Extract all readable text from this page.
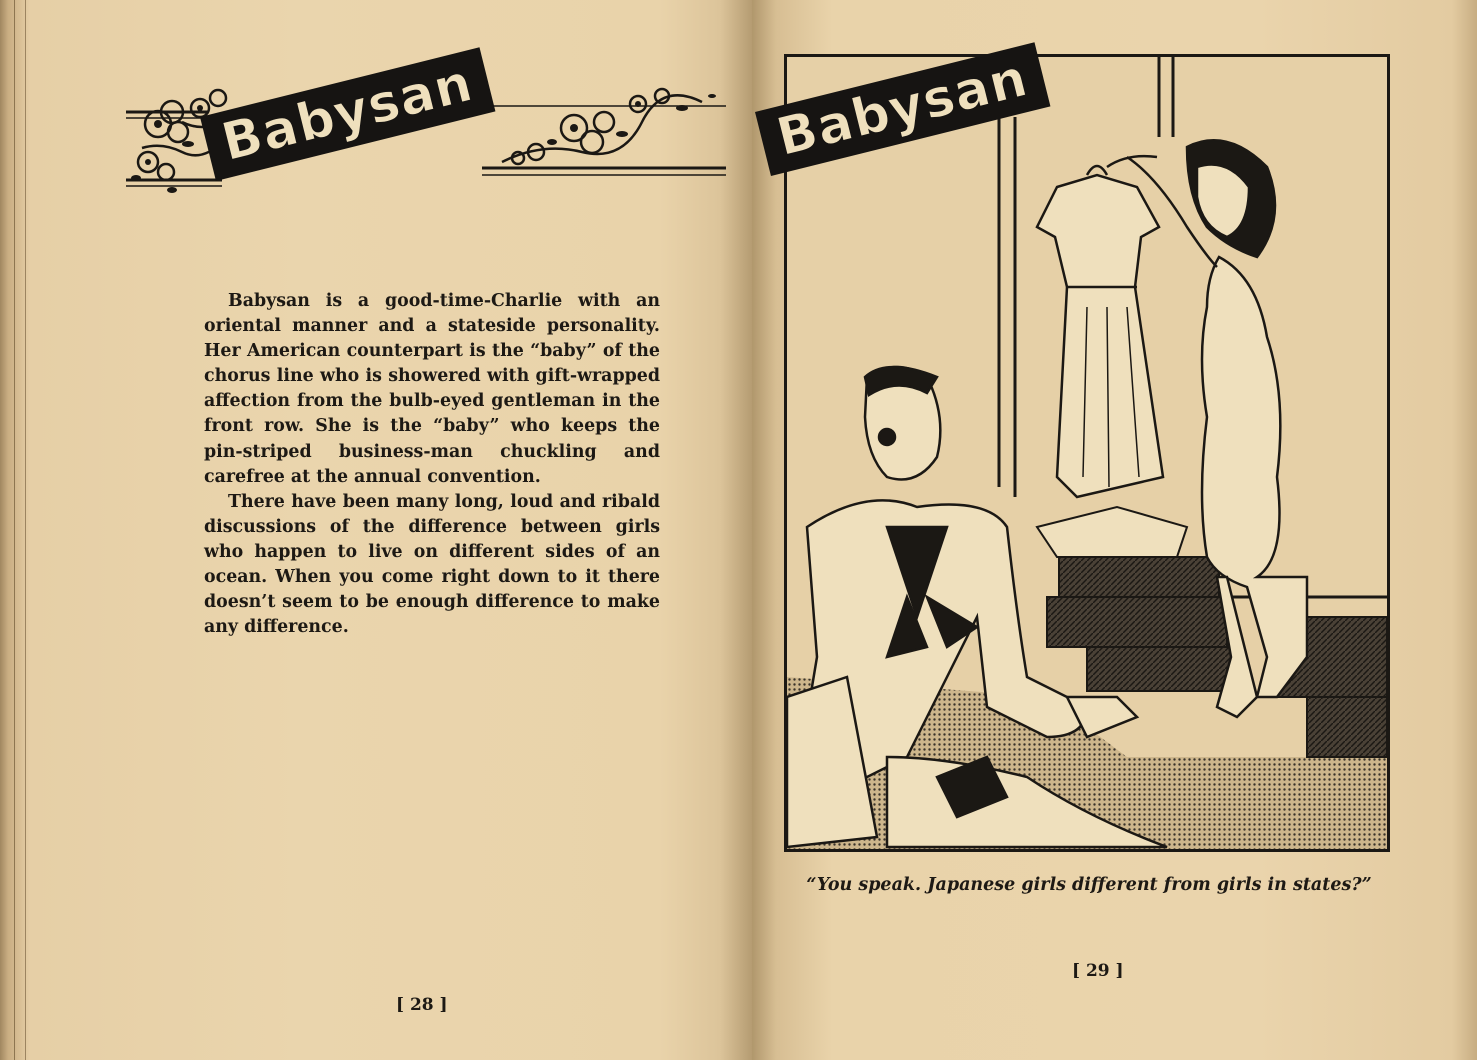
Babysan

Babysan is a good-time-Charlie with an oriental manner and a stateside personality. Her American counterpart is the “baby” of the chorus line who is showered with gift-wrapped affection from the bulb-eyed gentleman in the front row. She is the “baby” who keeps the pin-striped business-man chuckling and carefree at the annual convention.

There have been many long, loud and ribald discussions of the difference between girls who happen to live on different sides of an ocean. When you come right down to it there doesn’t seem to be enough difference to make any difference.

[ 28 ]
Babysan
“You speak. Japanese girls different from girls in states?”
[ 29 ]
